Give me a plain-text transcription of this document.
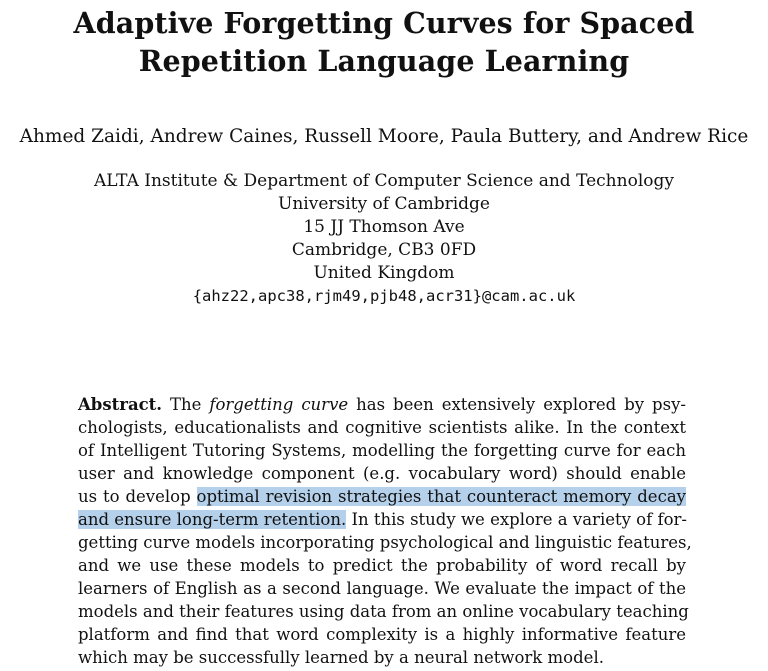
Adaptive Forgetting Curves for Spaced
Repetition Language Learning
Ahmed Zaidi, Andrew Caines, Russell Moore, Paula Buttery, and Andrew Rice
ALTA Institute & Department of Computer Science and Technology
University of Cambridge
15 JJ Thomson Ave
Cambridge, CB3 0FD
United Kingdom
{ahz22,apc38,rjm49,pjb48,acr31}@cam.ac.uk
Abstract. The forgetting curve has been extensively explored by psy-
chologists, educationalists and cognitive scientists alike. In the context
of Intelligent Tutoring Systems, modelling the forgetting curve for each
user and knowledge component (e.g. vocabulary word) should enable
us to develop optimal revision strategies that counteract memory decay
and ensure long-term retention. In this study we explore a variety of for-
getting curve models incorporating psychological and linguistic features,
and we use these models to predict the probability of word recall by
learners of English as a second language. We evaluate the impact of the
models and their features using data from an online vocabulary teaching
platform and find that word complexity is a highly informative feature
which may be successfully learned by a neural network model.
